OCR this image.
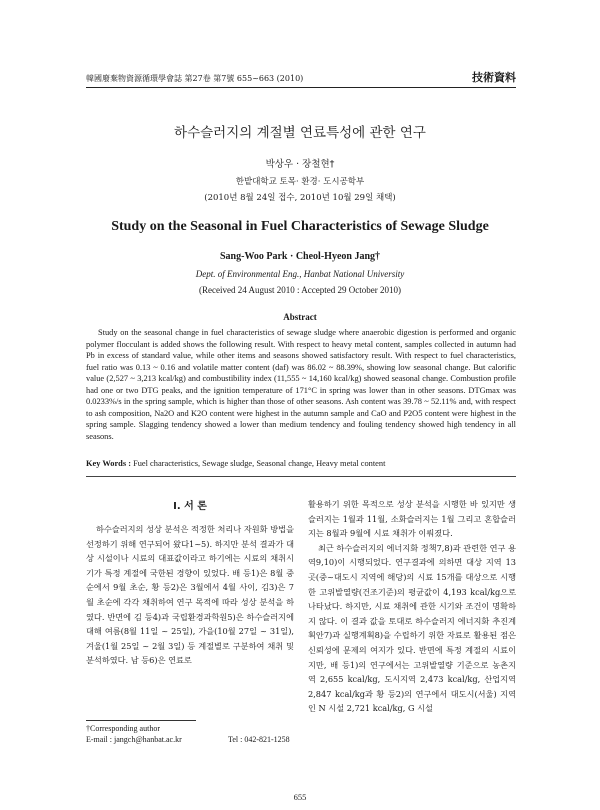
韓國廢棄物資源循環學會誌 第27卷 第7號 655~663 (2010)	技術資料
하수슬러지의 계절별 연료특성에 관한 연구
박상우 · 장철현†
한밭대학교 토목· 환경· 도시공학부
(2010년 8월 24일 접수, 2010년 10월 29일 채택)
Study on the Seasonal in Fuel Characteristics of Sewage Sludge
Sang-Woo Park · Cheol-Hyeon Jang†
Dept. of Environmental Eng., Hanbat National University
(Received 24 August 2010 : Accepted 29 October 2010)
Abstract

Study on the seasonal change in fuel characteristics of sewage sludge where anaerobic digestion is performed and organic polymer flocculant is added shows the following result. With respect to heavy metal content, samples collected in autumn had Pb in excess of standard value, while other items and seasons showed satisfactory result. With respect to fuel characteristics, fuel ratio was 0.13 ~ 0.16 and volatile matter content (daf) was 86.02 ~ 88.39%, showing low seasonal change. But calorific value (2,527 ~ 3,213 kcal/kg) and combustibility index (11,555 ~ 14,160 kcal/kg) showed seasonal change. Combustion profile had one or two DTG peaks, and the ignition temperature of 171°C in spring was lower than in other seasons. DTGmax was 0.0233%/s in the spring sample, which is higher than those of other seasons. Ash content was 39.78 ~ 52.11% and, with respect to ash composition, Na2O and K2O content were highest in the autumn sample and CaO and P2O5 content were highest in the spring sample. Slagging tendency showed a lower than medium tendency and fouling tendency showed high tendency in all seasons.

Key Words : Fuel characteristics, Sewage sludge, Seasonal change, Heavy metal content
I. 서 론

하수슬러지의 성상 분석은 적정한 처리나 자원화 방법을 선정하기 위해 연구되어 왔다1~5). 하지만 분석 결과가 대상 시설이나 시료의 대표값이라고 하기에는 시료의 채취시기가 특정 계절에 국한된 경향이 있었다. 배 등1)은 8월 중순에서 9월 초순, 황 등2)은 3월에서 4월 사이, 김3)은 7월 초순에 각각 채취하여 연구 목적에 따라 성상 분석을 하였다. 반면에 김 등4)과 국립환경과학원5)은 하수슬러지에 대해 여름(8월 11일 ~ 25일), 가을(10월 27일 ~ 31일), 겨울(1월 25일 ~ 2월 3일) 등 계절별로 구분하여 채취 및 분석하였다. 남 등6)은 연료로

활용하기 위한 목적으로 성상 분석을 시행한 바 있지만 생슬러지는 1월과 11월, 소화슬러지는 1월 그리고 혼합슬러지는 8월과 9월에 시료 채취가 이뤄졌다.

최근 하수슬러지의 에너지화 정책7,8)과 관련한 연구 용역9,10)이 시행되었다. 연구결과에 의하면 대상 지역 13곳(중~대도시 지역에 해당)의 시료 15개를 대상으로 시행한 고위발열량(건조기준)의 평균값이 4,193 kcal/kg으로 나타났다. 하지만, 시료 채취에 관한 시기와 조건이 명확하지 않다. 이 결과 값을 토대로 하수슬러지 에너지화 추진계획안7)과 실행계획8)을 수립하기 위한 자료로 활용된 점은 신뢰성에 문제의 여지가 있다. 반면에 특정 계절의 시료이지만, 배 등1)의 연구에서는 고위발열량 기준으로 농촌지역 2,655 kcal/kg, 도시지역 2,473 kcal/kg, 산업지역 2,847 kcal/kg과 황 등2)의 연구에서 대도시(서울) 지역인 N 시설 2,721 kcal/kg, G 시설

†Corresponding author
E-mail : jangch@hanbat.ac.kr	Tel : 042-821-1258
655
